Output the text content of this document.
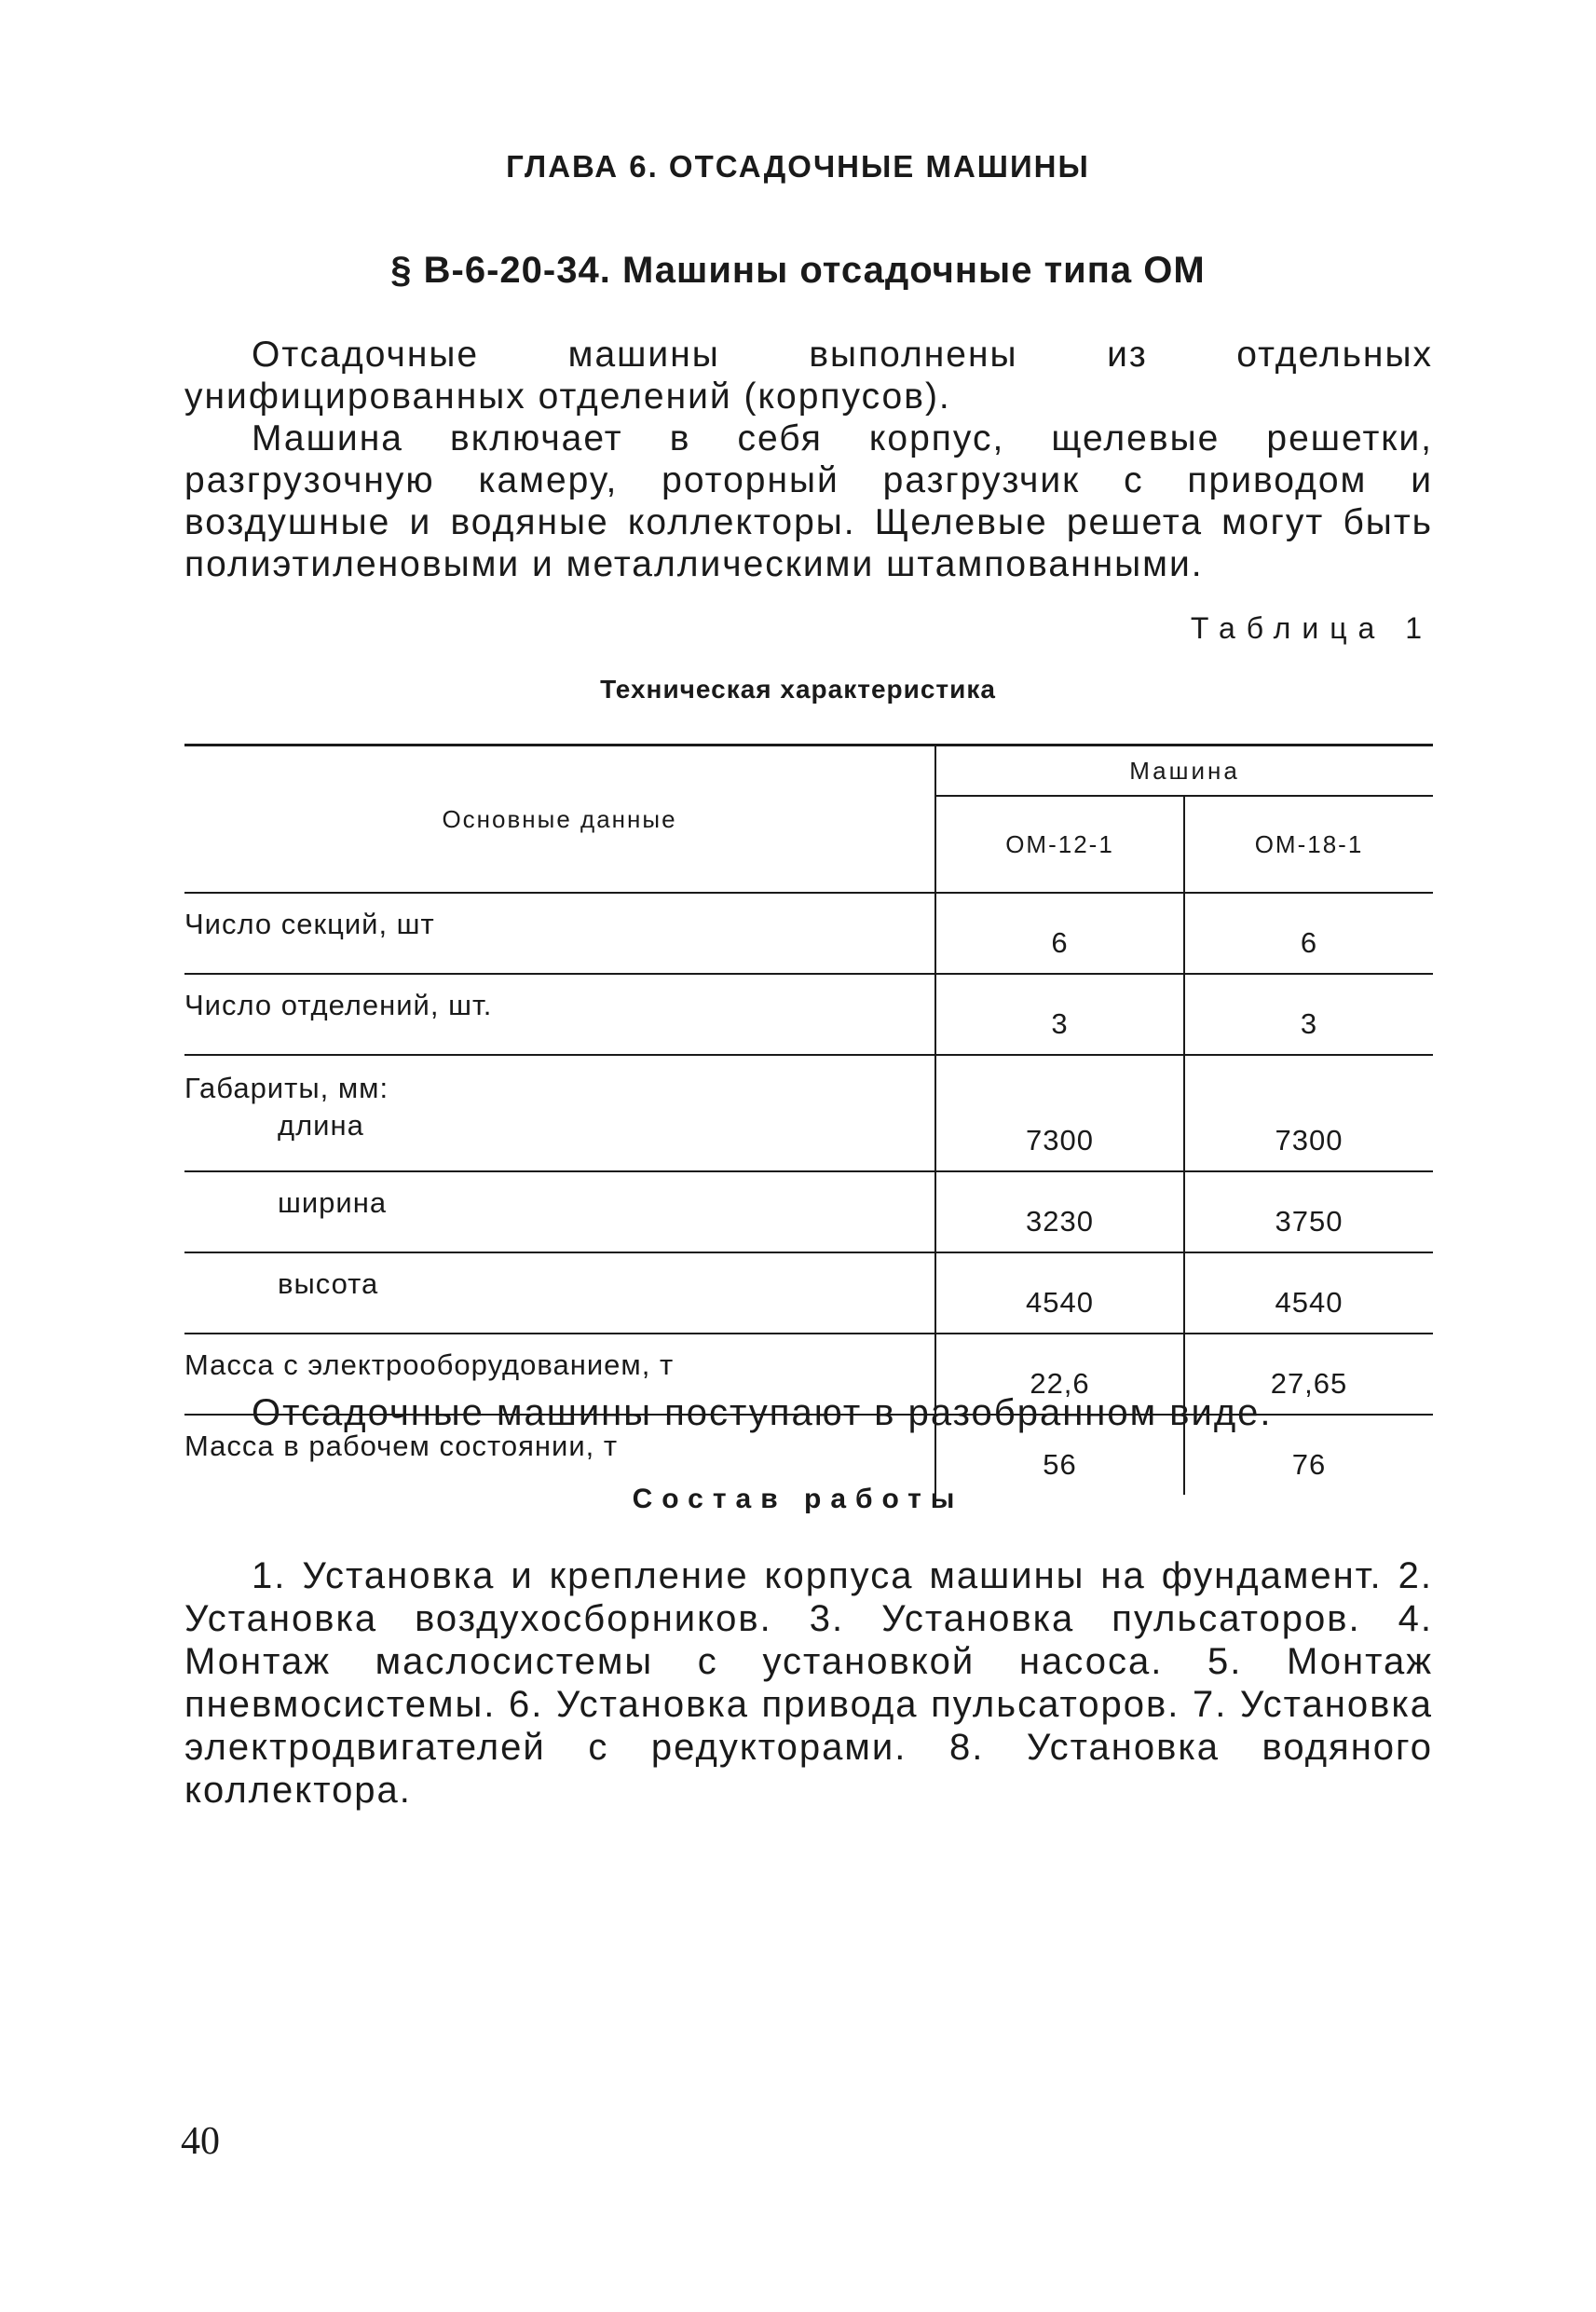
ГЛАВА 6. ОТСАДОЧНЫЕ МАШИНЫ
§ В-6-20-34. Машины отсадочные типа ОМ
Отсадочные машины выполнены из отдельных унифицированных отделений (корпусов).
Машина включает в себя корпус, щелевые решетки, разгрузочную камеру, роторный разгрузчик с приводом и воздушные и водяные коллекторы. Щелевые решета могут быть полиэтиленовыми и металлическими штампованными.
Таблица 1
Техническая характеристика
Основные данные	Машина	
	ОМ-12-1	ОМ-18-1
Число секций, шт	6	6
Число отделений, шт.	3	3

Габариты, мм:
длина	7300	7300
ширина	3230	3750
высота	4540	4540
Масса с электрооборудованием, т	22,6	27,65
Масса в рабочем состоянии, т	56	76
Отсадочные машины поступают в разобранном виде.
Состав работы
1. Установка и крепление корпуса машины на фундамент. 2. Установка воздухосборников. 3. Установка пульсаторов. 4. Монтаж маслосистемы с установкой насоса. 5. Монтаж пневмосистемы. 6. Установка привода пульсаторов. 7. Установка электродвигателей с редукторами. 8. Установка водяного коллектора.
40
